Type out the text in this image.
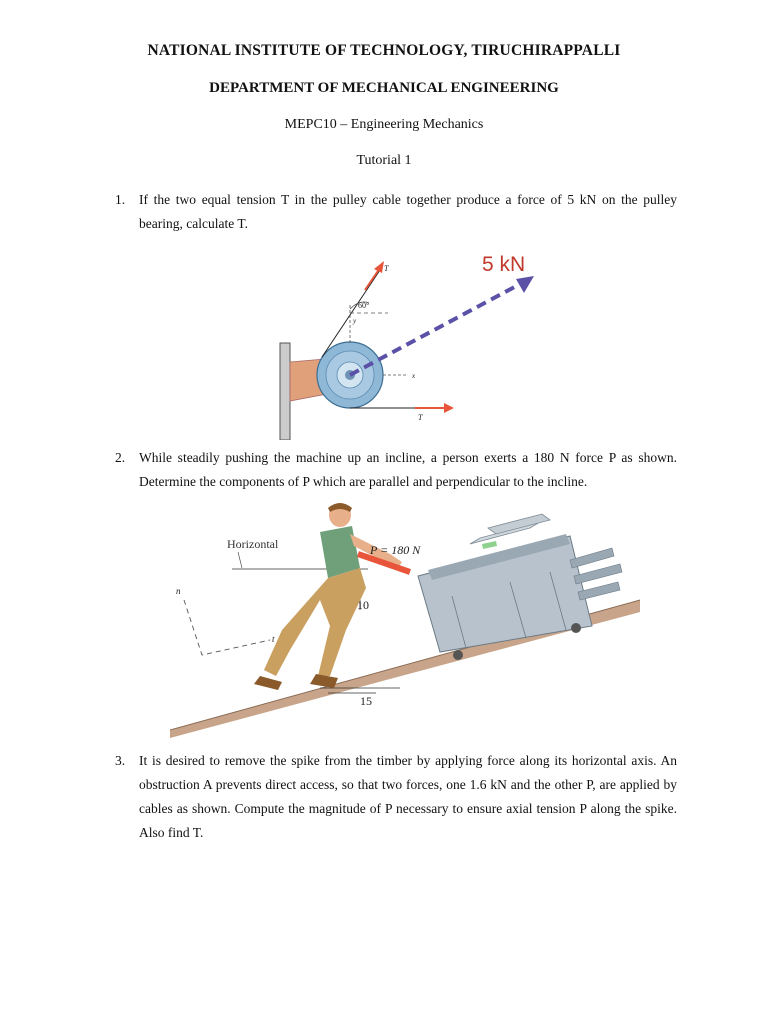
NATIONAL INSTITUTE OF TECHNOLOGY, TIRUCHIRAPPALLI
DEPARTMENT OF MECHANICAL ENGINEERING
MEPC10 – Engineering Mechanics
Tutorial 1
1. If the two equal tension T in the pulley cable together produce a force of 5 kN on the pulley bearing, calculate T.
5 kN
T
T
60°
y
x
2. While steadily pushing the machine up an incline, a person exerts a 180 N force P as shown. Determine the components of P which are parallel and perpendicular to the incline.
10
15
n
t
Horizontal	P = 180 N
3. It is desired to remove the spike from the timber by applying force along its horizontal axis. An obstruction A prevents direct access, so that two forces, one 1.6 kN and the other P, are applied by cables as shown. Compute the magnitude of P necessary to ensure axial tension P along the spike. Also find T.
